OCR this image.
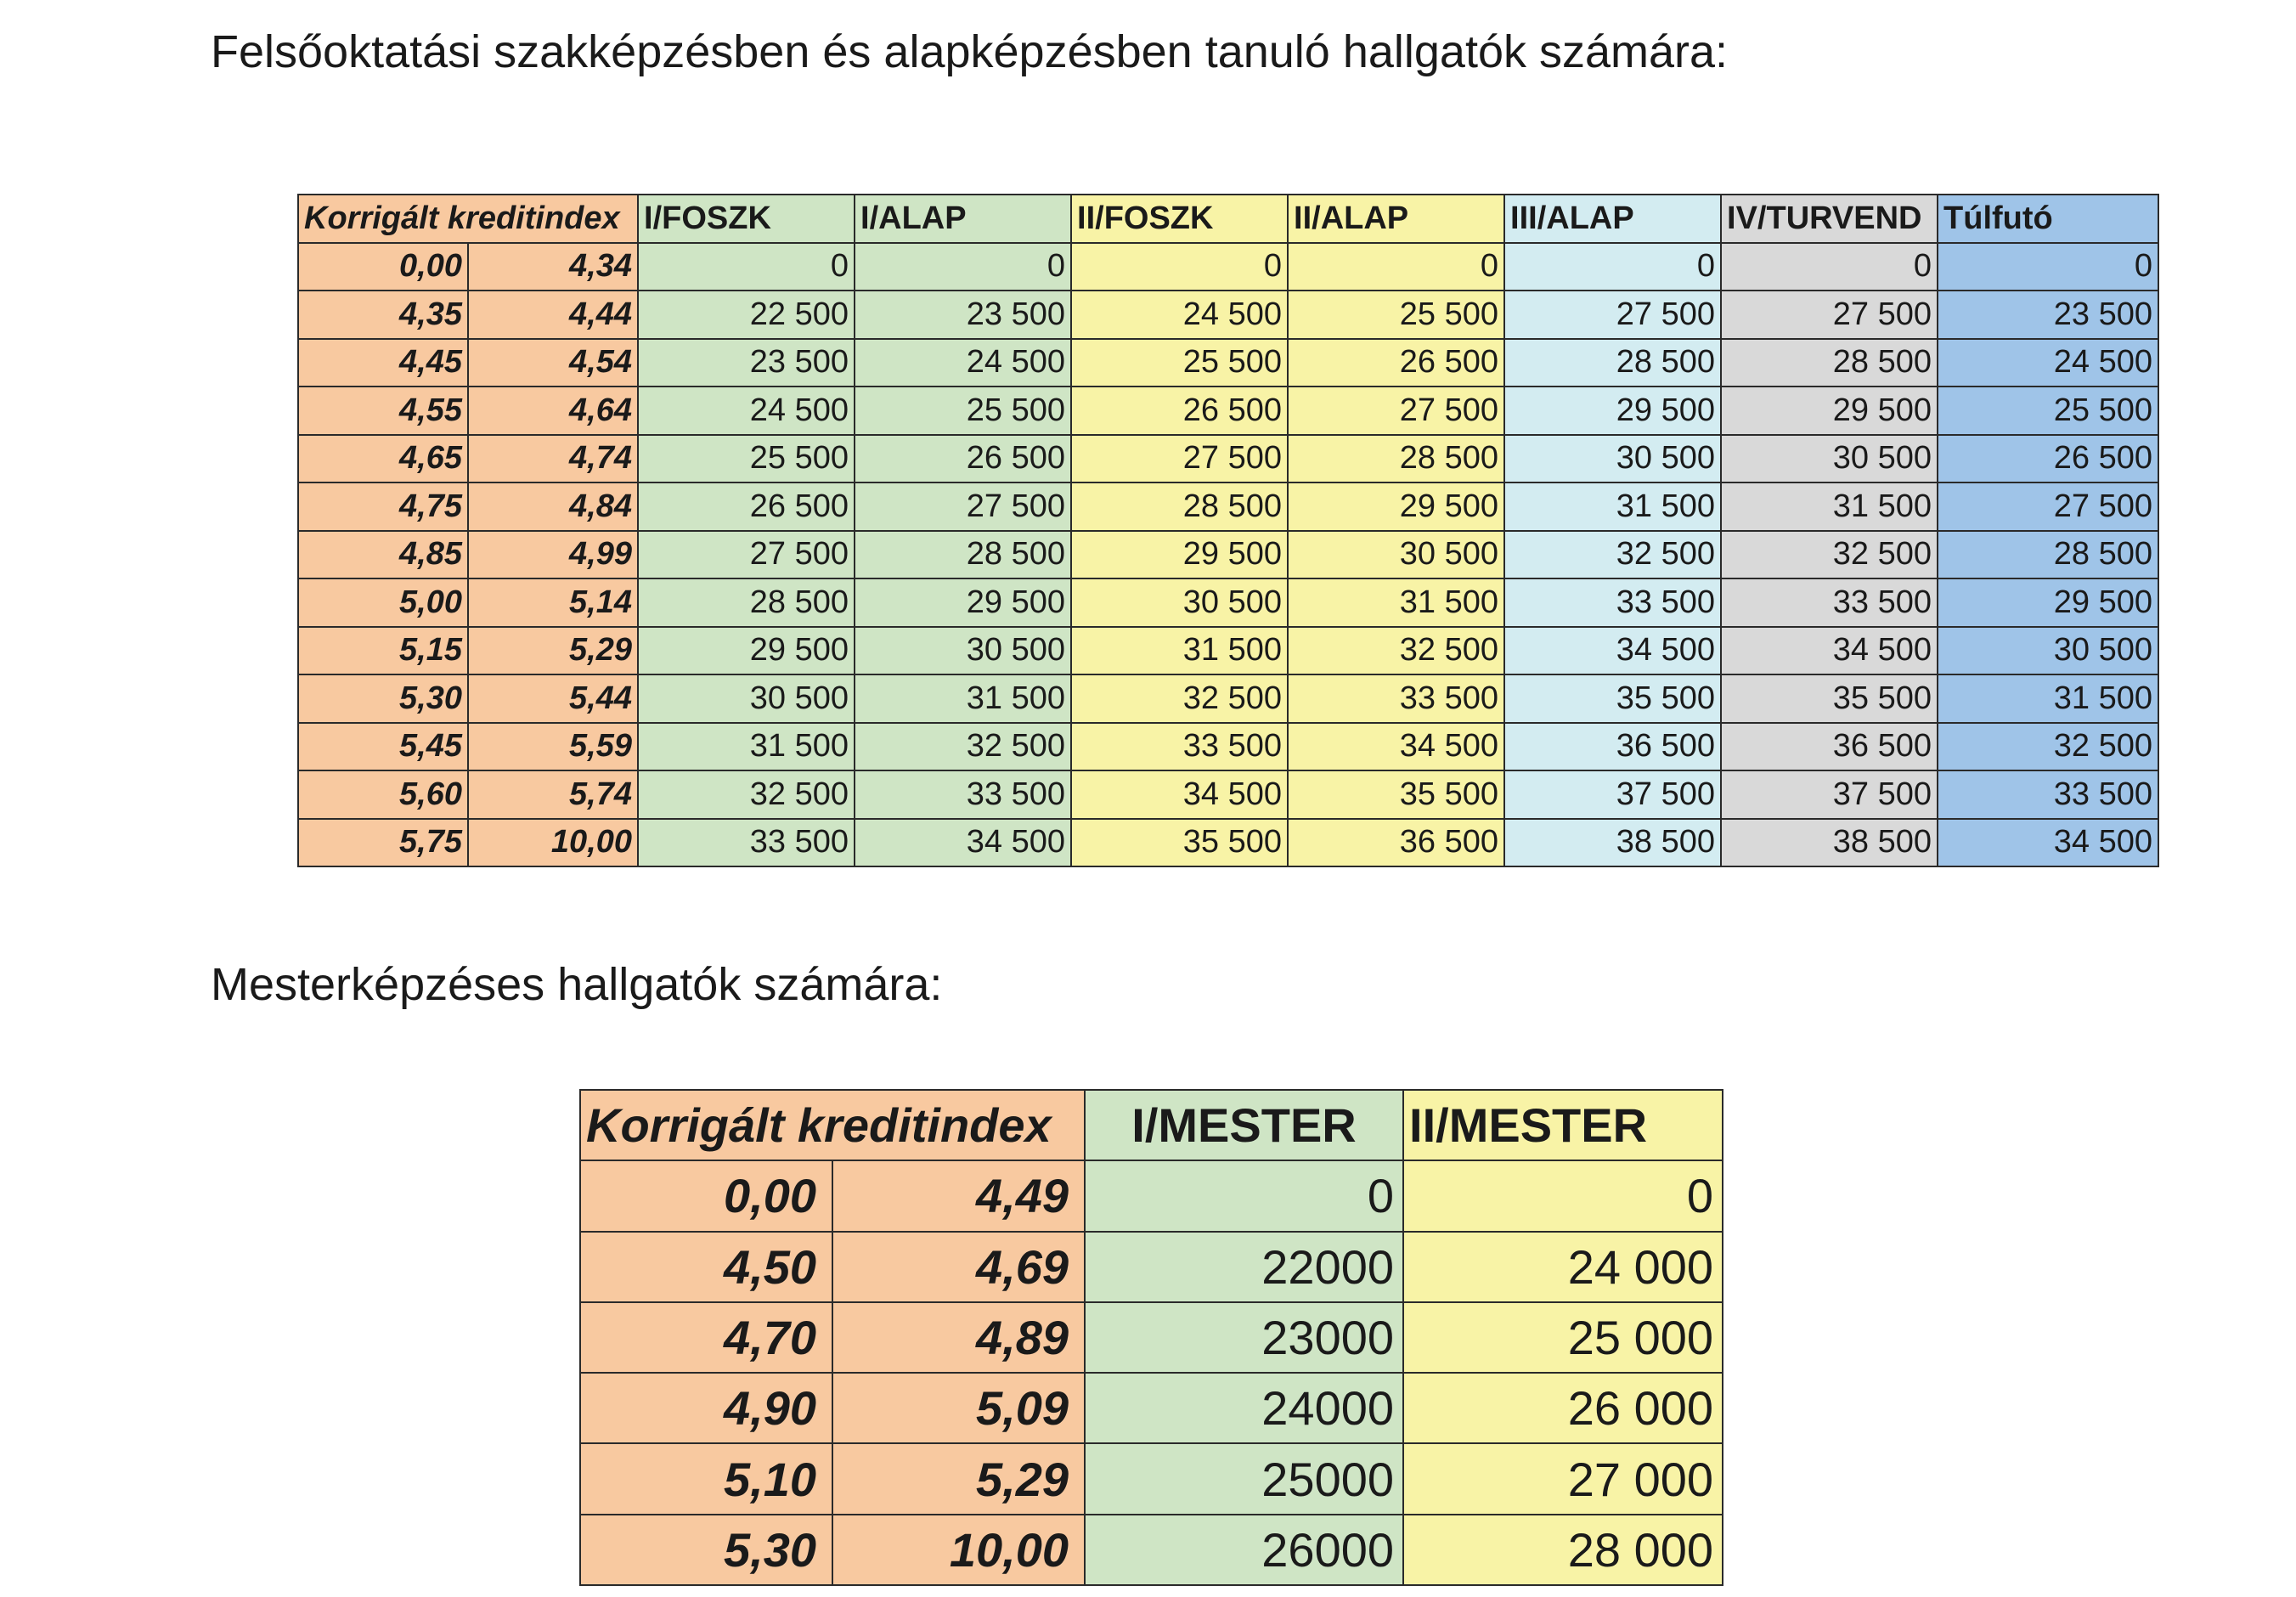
Felsőoktatási szakképzésben és alapképzésben tanuló hallgatók számára:
Korrigált kreditindex		I/FOSZK	I/ALAP	II/FOSZK	II/ALAP	III/ALAP	IV/TURVEND	Túlfutó
0,00	4,34	0	0	0	0	0	0	0
4,35	4,44	22 500	23 500	24 500	25 500	27 500	27 500	23 500
4,45	4,54	23 500	24 500	25 500	26 500	28 500	28 500	24 500
4,55	4,64	24 500	25 500	26 500	27 500	29 500	29 500	25 500
4,65	4,74	25 500	26 500	27 500	28 500	30 500	30 500	26 500
4,75	4,84	26 500	27 500	28 500	29 500	31 500	31 500	27 500
4,85	4,99	27 500	28 500	29 500	30 500	32 500	32 500	28 500
5,00	5,14	28 500	29 500	30 500	31 500	33 500	33 500	29 500
5,15	5,29	29 500	30 500	31 500	32 500	34 500	34 500	30 500
5,30	5,44	30 500	31 500	32 500	33 500	35 500	35 500	31 500
5,45	5,59	31 500	32 500	33 500	34 500	36 500	36 500	32 500
5,60	5,74	32 500	33 500	34 500	35 500	37 500	37 500	33 500
5,75	10,00	33 500	34 500	35 500	36 500	38 500	38 500	34 500
Mesterképzéses hallgatók számára:
Korrigált kreditindex		I/MESTER	II/MESTER
0,00	4,49	0	0
4,50	4,69	22000	24 000
4,70	4,89	23000	25 000
4,90	5,09	24000	26 000
5,10	5,29	25000	27 000
5,30	10,00	26000	28 000
